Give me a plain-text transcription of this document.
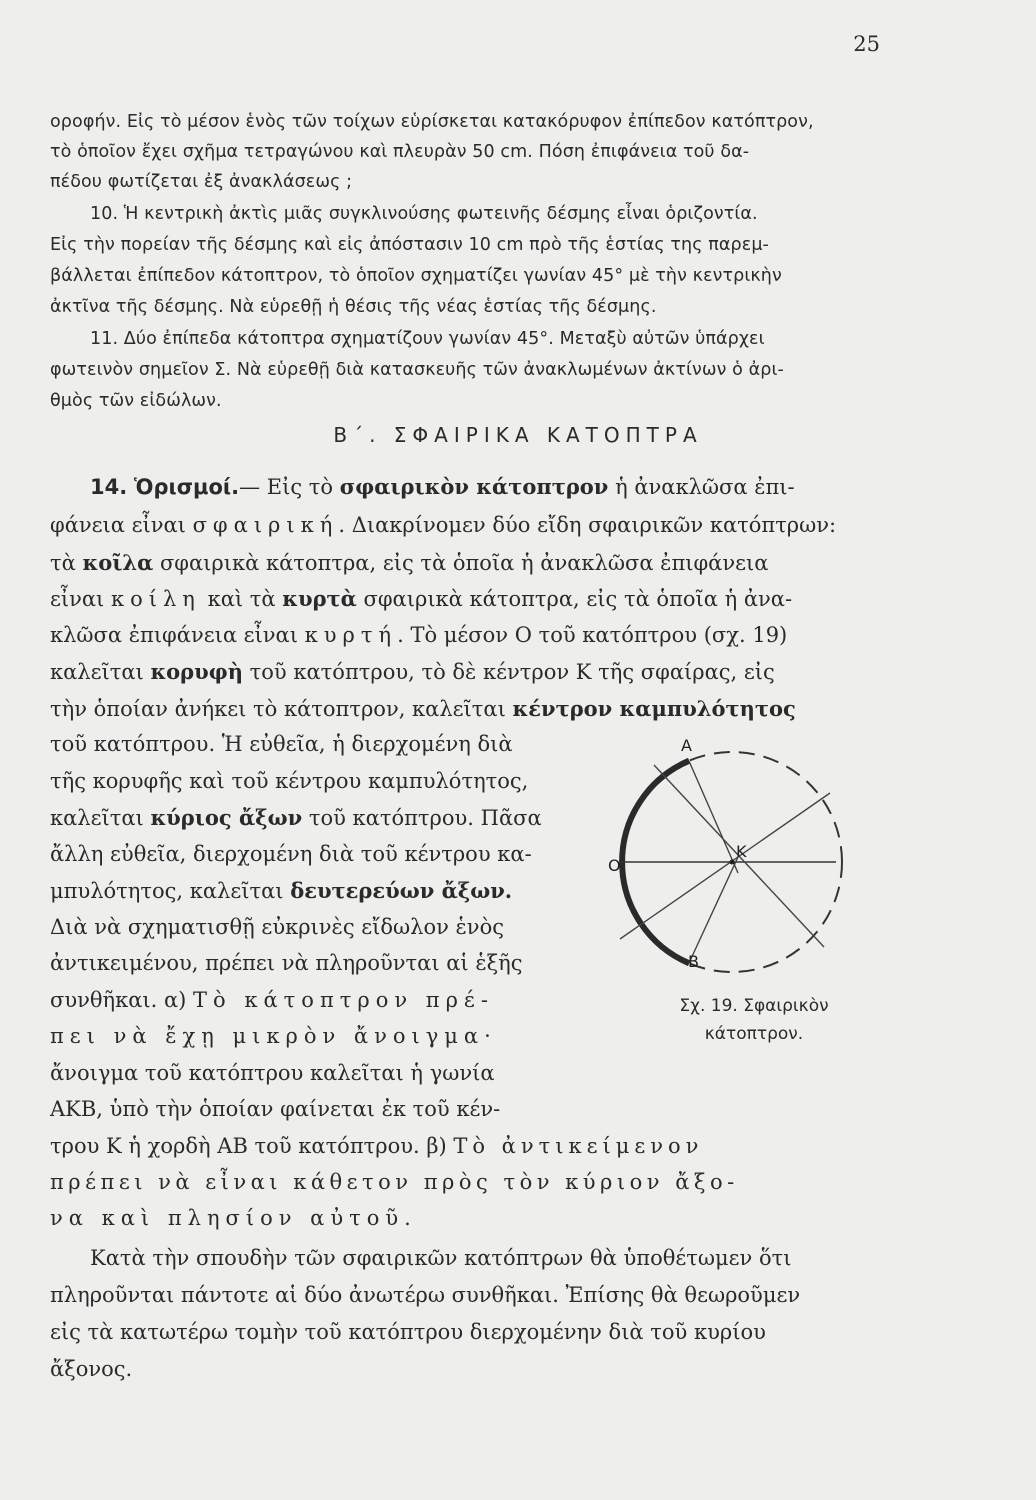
25
οροφήν. Εἰς τὸ μέσον ἑνὸς τῶν τοίχων εὑρίσκεται κατακόρυφον ἐπίπεδον κατόπτρον,
τὸ ὁποῖον ἔχει σχῆμα τετραγώνου καὶ πλευρὰν 50 cm. Πόση ἐπιφάνεια τοῦ δα-
πέδου φωτίζεται ἐξ ἀνακλάσεως ;
10. Ἡ κεντρικὴ ἀκτὶς μιᾶς συγκλινούσης φωτεινῆς δέσμης εἶναι ὁριζοντία.
Εἰς τὴν πορείαν τῆς δέσμης καὶ εἰς ἀπόστασιν 10 cm πρὸ τῆς ἑστίας της παρεμ-
βάλλεται ἐπίπεδον κάτοπτρον, τὸ ὁποῖον σχηματίζει γωνίαν 45° μὲ τὴν κεντρικὴν
ἀκτῖνα τῆς δέσμης. Νὰ εὑρεθῇ ἡ θέσις τῆς νέας ἑστίας τῆς δέσμης.
11. Δύο ἐπίπεδα κάτοπτρα σχηματίζουν γωνίαν 45°. Μεταξὺ αὐτῶν ὑπάρχει
φωτεινὸν σημεῖον Σ. Νὰ εὑρεθῇ διὰ κατασκευῆς τῶν ἀνακλωμένων ἀκτίνων ὁ ἀρι-
θμὸς τῶν εἰδώλων.
Β΄. ΣΦΑΙΡΙΚΑ ΚΑΤΟΠΤΡΑ
14. Ὁρισμοί.— Εἰς τὸ σφαιρικὸν κάτοπτρον ἡ ἀνακλῶσα ἐπι-
φάνεια εἶναι σφαιρική. Διακρίνομεν δύο εἴδη σφαιρικῶν κατόπτρων:
τὰ κοῖλα σφαιρικὰ κάτοπτρα, εἰς τὰ ὁποῖα ἡ ἀνακλῶσα ἐπιφάνεια
εἶναι κοίλη καὶ τὰ κυρτὰ σφαιρικὰ κάτοπτρα, εἰς τὰ ὁποῖα ἡ ἀνα-
κλῶσα ἐπιφάνεια εἶναι κυρτή. Τὸ μέσον Ο τοῦ κατόπτρου (σχ. 19)
καλεῖται κορυφὴ τοῦ κατόπτρου, τὸ δὲ κέντρον Κ τῆς σφαίρας, εἰς
τὴν ὁποίαν ἀνήκει τὸ κάτοπτρον, καλεῖται κέντρον καμπυλότητος
τοῦ κατόπτρου. Ἡ εὐθεῖα, ἡ διερχομένη διὰ
τῆς κορυφῆς καὶ τοῦ κέντρου καμπυλότητος,
καλεῖται κύριος ἄξων τοῦ κατόπτρου. Πᾶσα
ἄλλη εὐθεῖα, διερχομένη διὰ τοῦ κέντρου κα-
μπυλότητος, καλεῖται δευτερεύων ἄξων.
Διὰ νὰ σχηματισθῇ εὐκρινὲς εἴδωλον ἑνὸς
ἀντικειμένου, πρέπει νὰ πληροῦνται αἱ ἑξῆς
συνθῆκαι. α) Τὸ κάτοπτρον πρέ-
πει νὰ ἔχῃ μικρὸν ἄνοιγμα·
ἄνοιγμα τοῦ κατόπτρου καλεῖται ἡ γωνία
ΑΚΒ, ὑπὸ τὴν ὁποίαν φαίνεται ἐκ τοῦ κέν-
τρου Κ ἡ χορδὴ ΑΒ τοῦ κατόπτρου. β) Τὸ ἀντικείμενον
πρέπει νὰ εἶναι κάθετον πρὸς τὸν κύριον ἄξο-
να καὶ πλησίον αὐτοῦ.
Κατὰ τὴν σπουδὴν τῶν σφαιρικῶν κατόπτρων θὰ ὑποθέτωμεν ὅτι
πληροῦνται πάντοτε αἱ δύο ἀνωτέρω συνθῆκαι. Ἐπίσης θὰ θεωροῦμεν
εἰς τὰ κατωτέρω τομὴν τοῦ κατόπτρου διερχομένην διὰ τοῦ κυρίου
ἄξονος.
Α
Β
Ο
Κ
Σχ. 19. Σφαιρικὸν
κάτοπτρον.
